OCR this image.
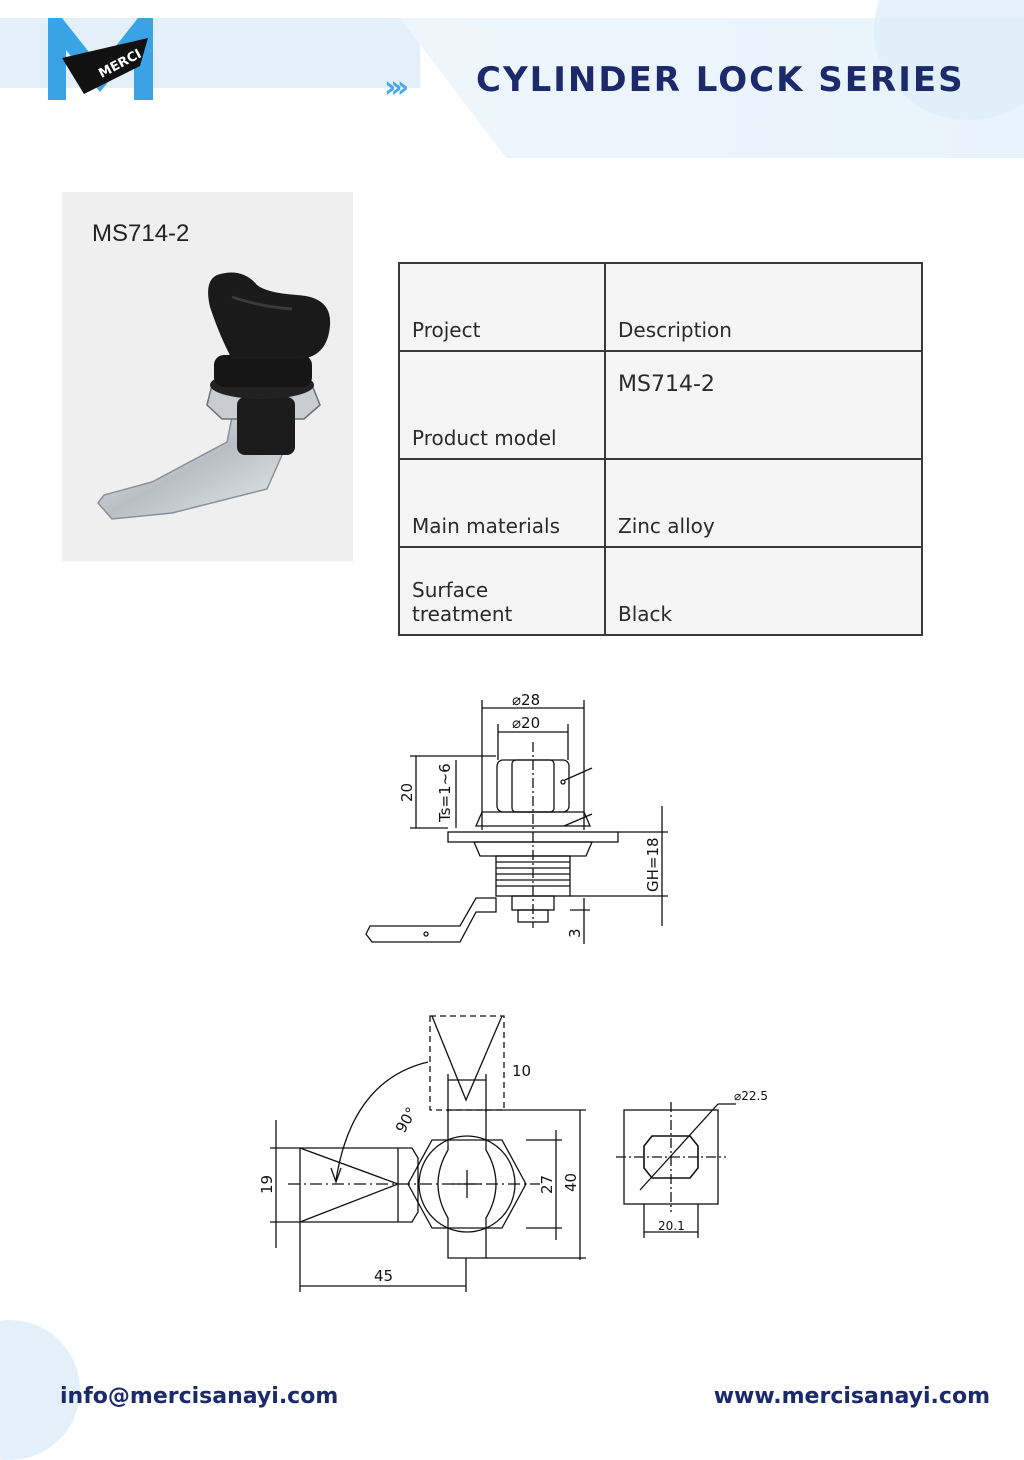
MERCI
››› CYLINDER LOCK SERIES
MS714-2
Project	Description
Product model	MS714-2
Main materials	Zinc alloy
Surface treatment	Black
⌀28
⌀20
20 Ts=1~6
GH=18
3
10
90°
19	27 40
45
⌀22.5
20.1
info@mercisanayi.com	www.mercisanayi.com
